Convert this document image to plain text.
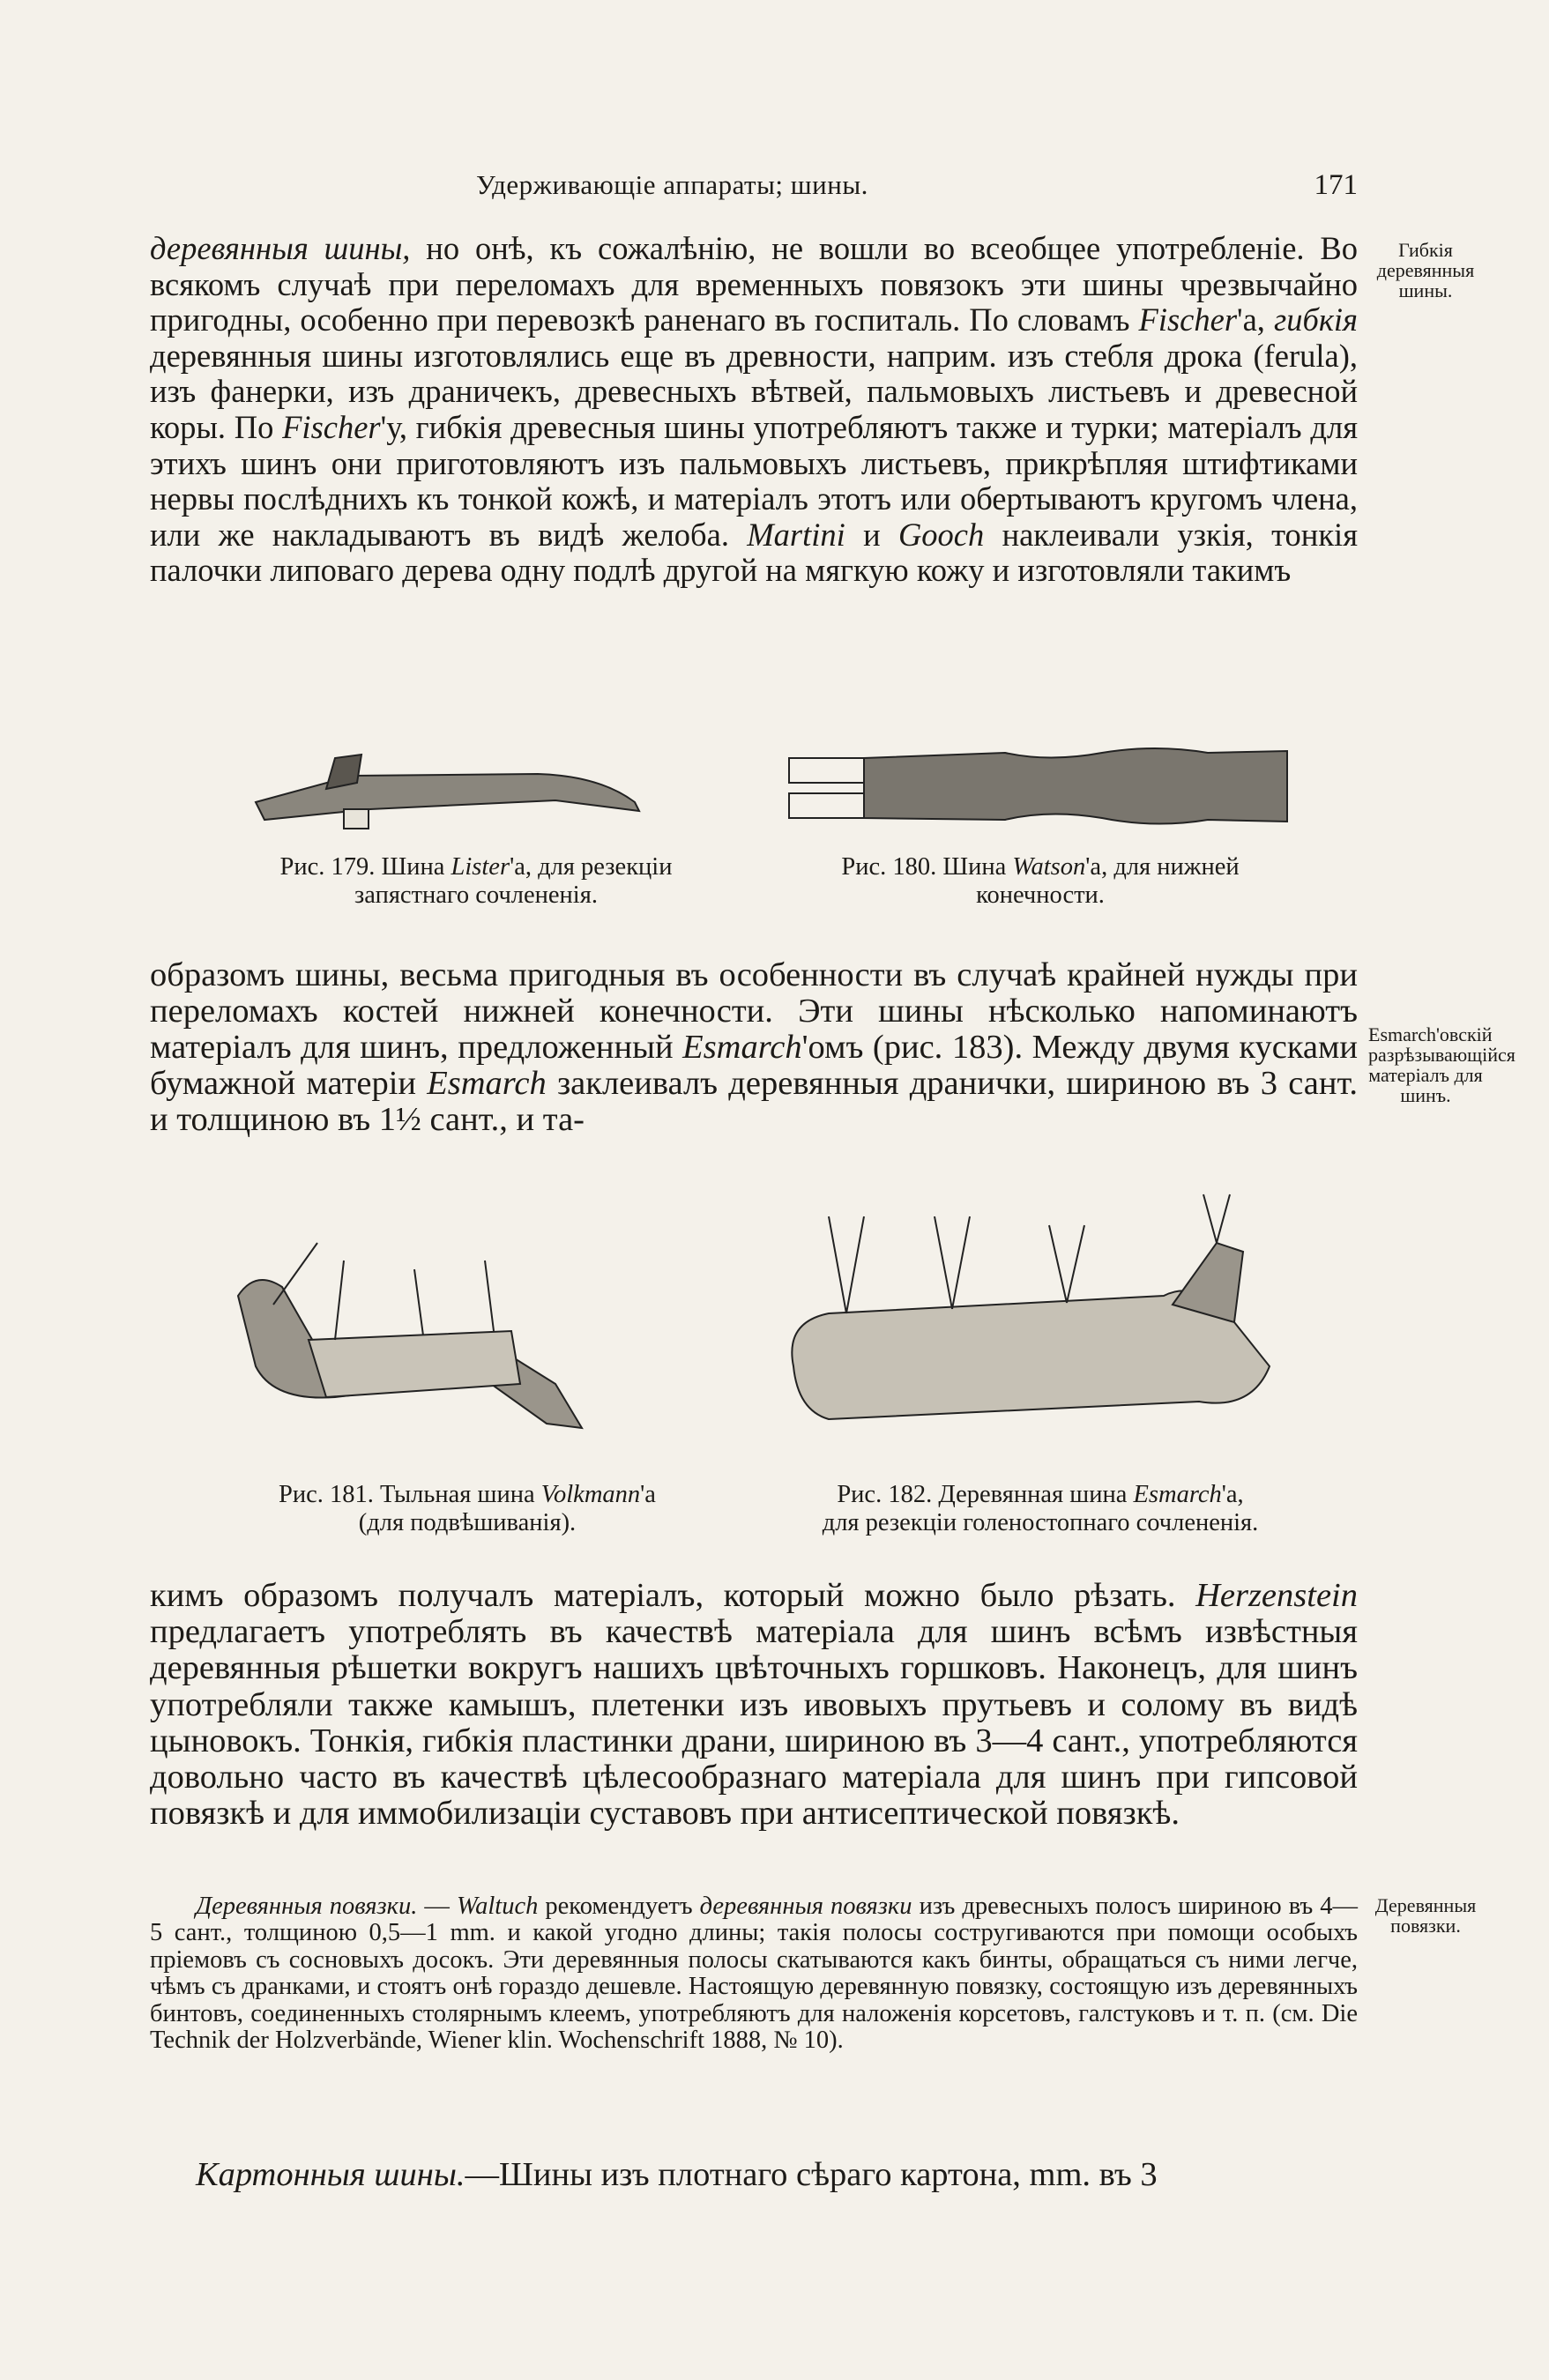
Удерживающіе аппараты; шины.	171
Гибкія деревянныя шины.
Esmarch'овскій разрѣзывающійся матеріалъ для шинъ.
Деревянныя повязки.

деревянныя шины, но онѣ, къ сожалѣнію, не вошли во всеобщее употребленіе. Во всякомъ случаѣ при переломахъ для временныхъ повязокъ эти шины чрезвычайно пригодны, особенно при перевозкѣ раненаго въ госпиталь. По словамъ Fischer'а, гибкія деревянныя шины изготовлялись еще въ древности, наприм. изъ стебля дрока (ferula), изъ фанерки, изъ драничекъ, древесныхъ вѣтвей, пальмовыхъ листьевъ и древесной коры. По Fischer'у, гибкія древесныя шины употребляютъ также и турки; матеріалъ для этихъ шинъ они приготовляютъ изъ пальмовыхъ листьевъ, прикрѣпляя штифтиками нервы послѣднихъ къ тонкой кожѣ, и матеріалъ этотъ или обертываютъ кругомъ члена, или же накладываютъ въ видѣ желоба. Martini и Gooch наклеивали узкія, тонкія палочки липоваго дерева одну подлѣ другой на мягкую кожу и изготовляли такимъ

Рис. 179. Шина Lister'а, для резекціи
запястнаго сочлененія.
Рис. 180. Шина Watson'а, для нижней
конечности.

образомъ шины, весьма пригодныя въ особенности въ случаѣ крайней нужды при переломахъ костей нижней конечности. Эти шины нѣсколько напоминаютъ матеріалъ для шинъ, предложенный Esmarch'омъ (рис. 183). Между двумя кусками бумажной матеріи Esmarch заклеивалъ деревянныя дранички, шириною въ 3 сант. и толщиною въ 1½ сант., и та-

Рис. 181. Тыльная шина Volkmann'а
(для подвѣшиванія).
Рис. 182. Деревянная шина Esmarch'а,
для резекціи голеностопнаго сочлененія.

кимъ образомъ получалъ матеріалъ, который можно было рѣзать. Herzenstein предлагаетъ употреблять въ качествѣ матеріала для шинъ всѣмъ извѣстныя деревянныя рѣшетки вокругъ нашихъ цвѣточныхъ горшковъ. Наконецъ, для шинъ употребляли также камышъ, плетенки изъ ивовыхъ прутьевъ и солому въ видѣ цыновокъ. Тонкія, гибкія пластинки драни, шириною въ 3—4 сант., употребляются довольно часто въ качествѣ цѣлесообразнаго матеріала для шинъ при гипсовой повязкѣ и для иммобилизаціи суставовъ при антисептической повязкѣ.

Деревянныя повязки. — Waltuch рекомендуетъ деревянныя повязки изъ древесныхъ полосъ шириною въ 4—5 сант., толщиною 0,5—1 mm. и какой угодно длины; такія полосы состругиваются при помощи особыхъ пріемовъ съ сосновыхъ досокъ. Эти деревянныя полосы скатываются какъ бинты, обращаться съ ними легче, чѣмъ съ дранками, и стоятъ онѣ гораздо дешевле. Настоящую деревянную повязку, состоящую изъ деревянныхъ бинтовъ, соединенныхъ столярнымъ клеемъ, употребляютъ для наложенія корсетовъ, галстуковъ и т. п. (см. Die Technik der Holzverbände, Wiener klin. Wochenschrift 1888, № 10).

Картонныя шины.—Шины изъ плотнаго сѣраго картона, mm. въ 3
